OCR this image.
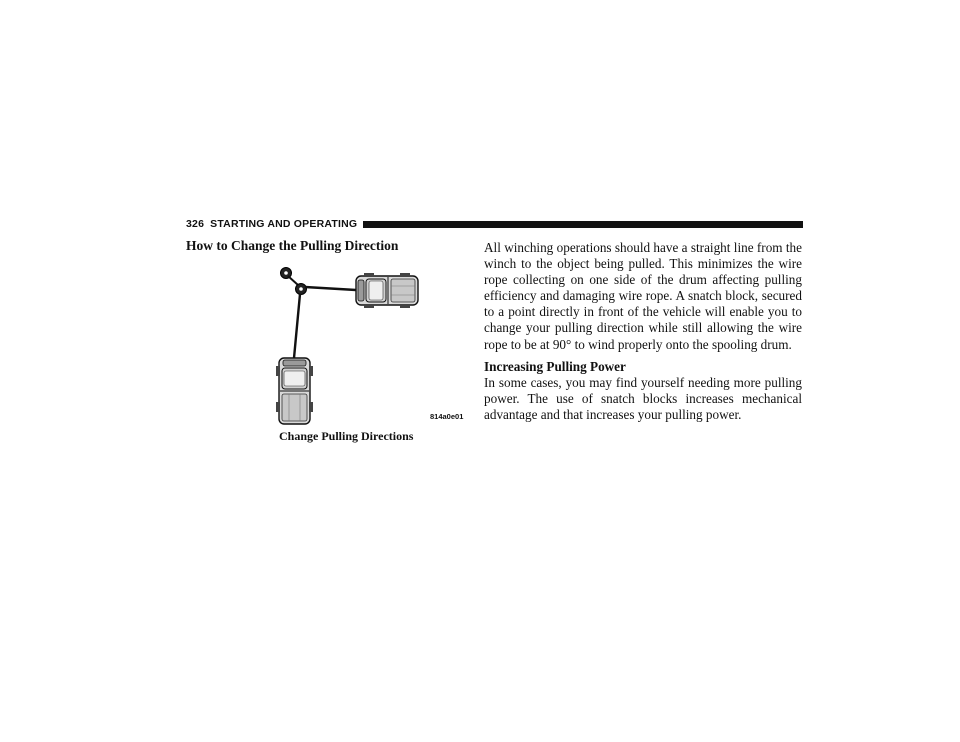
326 STARTING AND OPERATING
How to Change the Pulling Direction
814a0e01
Change Pulling Directions

All winching operations should have a straight line from the winch to the object being pulled. This minimizes the wire rope collecting on one side of the drum affecting pulling efficiency and damaging wire rope. A snatch block, secured to a point directly in front of the vehicle will enable you to change your pulling direction while still allowing the wire rope to be at 90° to wind properly onto the spooling drum.

Increasing Pulling Power

In some cases, you may find yourself needing more pulling power. The use of snatch blocks increases mechanical advantage and that increases your pulling power.
